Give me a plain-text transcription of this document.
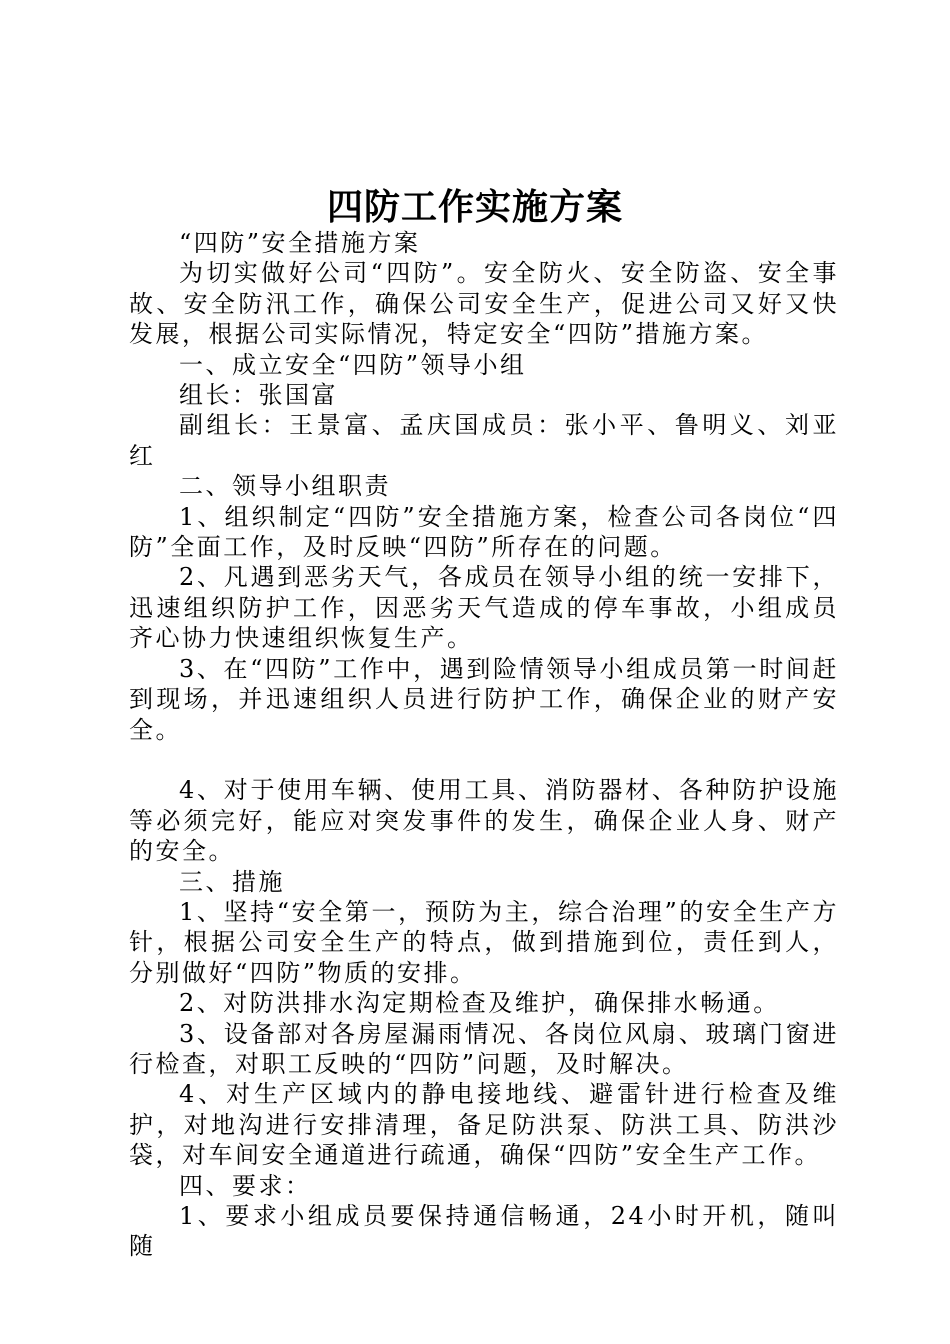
四防工作实施方案

“四防”安全措施方案

为切实做好公司“四防”。安全防火、安全防盗、安全事故、安全防汛工作，确保公司安全生产，促进公司又好又快发展，根据公司实际情况，特定安全“四防”措施方案。

一、成立安全“四防”领导小组

组长：张国富

副组长：王景富、孟庆国成员：张小平、鲁明义、刘亚红

二、领导小组职责

1、组织制定“四防”安全措施方案，检查公司各岗位“四防”全面工作，及时反映“四防”所存在的问题。

2、凡遇到恶劣天气，各成员在领导小组的统一安排下，迅速组织防护工作，因恶劣天气造成的停车事故，小组成员齐心协力快速组织恢复生产。

3、在“四防”工作中，遇到险情领导小组成员第一时间赶到现场，并迅速组织人员进行防护工作，确保企业的财产安全。

4、对于使用车辆、使用工具、消防器材、各种防护设施等必须完好，能应对突发事件的发生，确保企业人身、财产的安全。

三、措施

1、坚持“安全第一，预防为主，综合治理”的安全生产方针，根据公司安全生产的特点，做到措施到位，责任到人，分别做好“四防”物质的安排。

2、对防洪排水沟定期检查及维护，确保排水畅通。

3、设备部对各房屋漏雨情况、各岗位风扇、玻璃门窗进行检查，对职工反映的“四防”问题，及时解决。

4、对生产区域内的静电接地线、避雷针进行检查及维护，对地沟进行安排清理，备足防洪泵、防洪工具、防洪沙袋，对车间安全通道进行疏通，确保“四防”安全生产工作。

四、要求：

1、要求小组成员要保持通信畅通，24小时开机，随叫随
